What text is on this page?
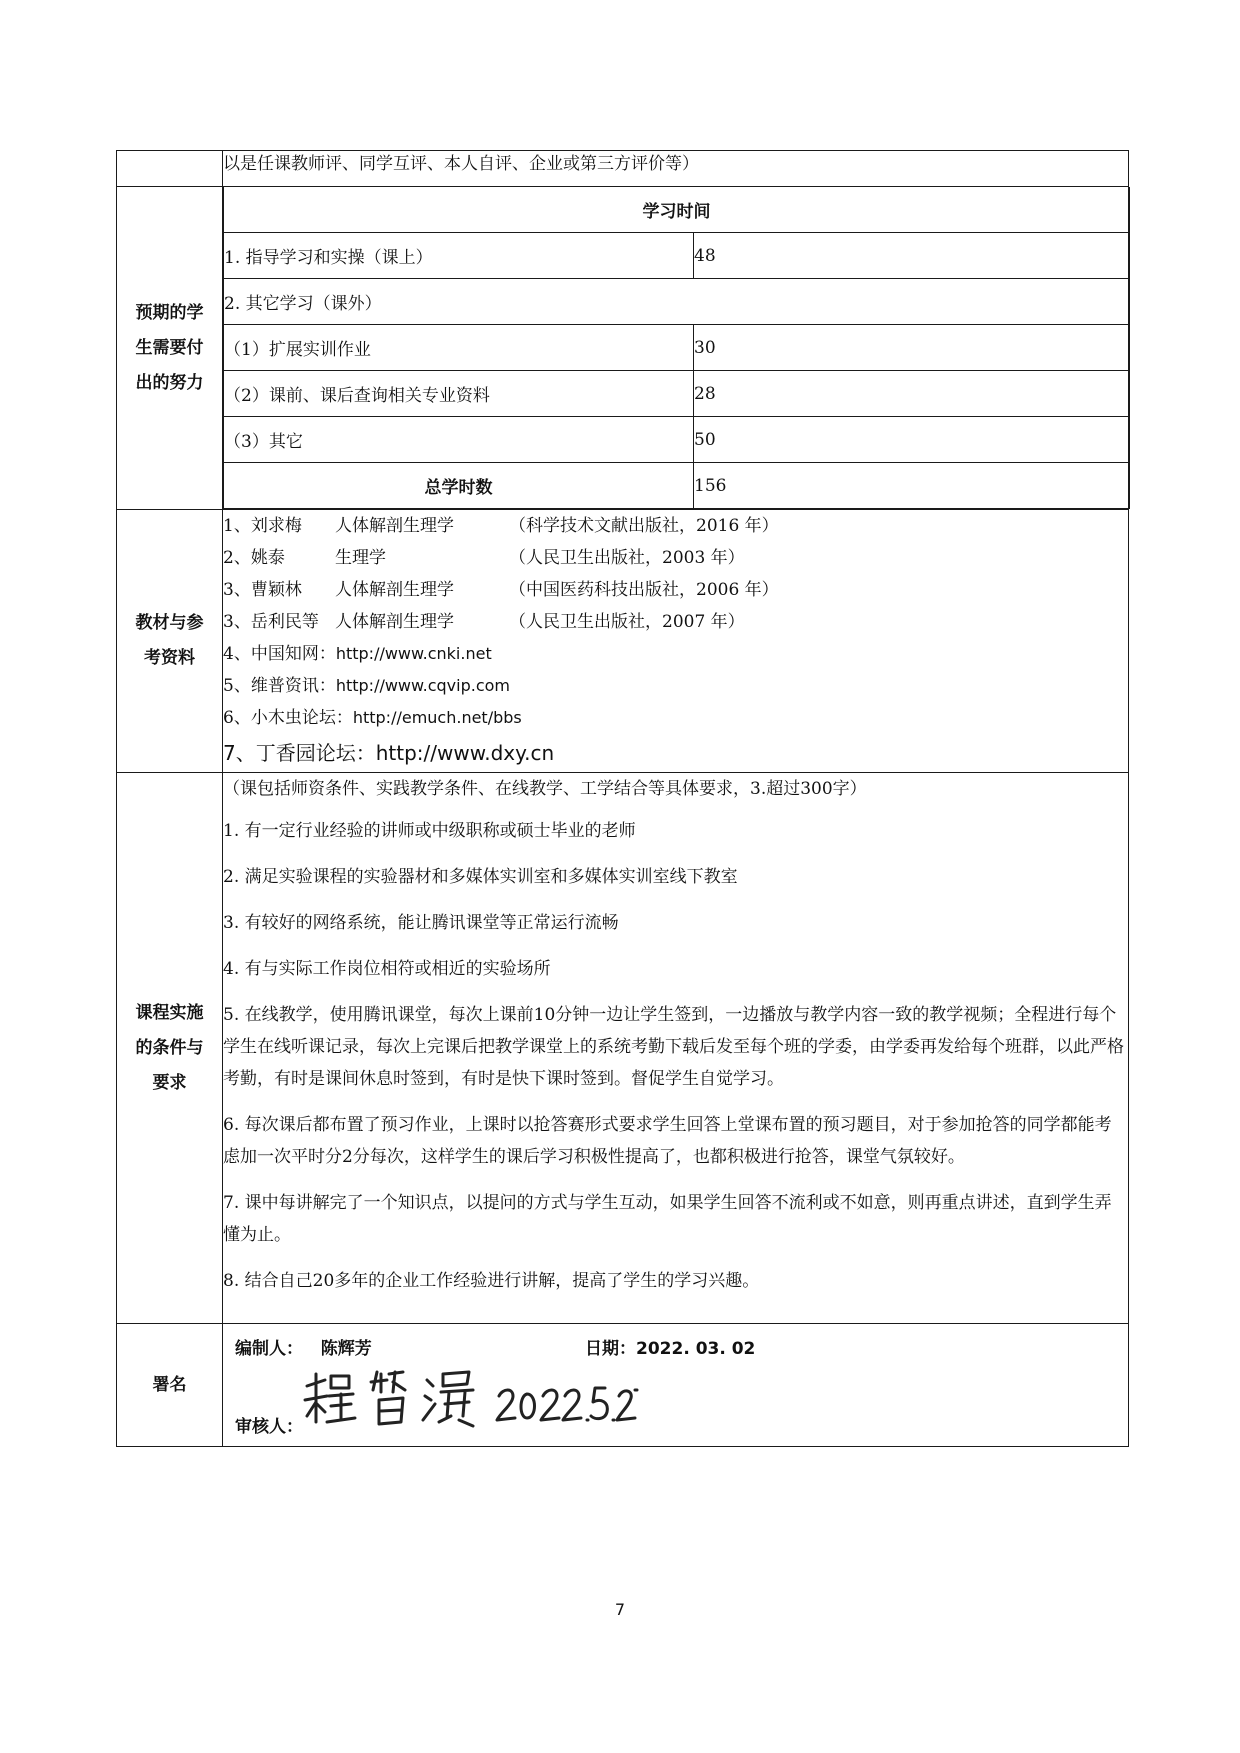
	以是任课教师评、同学互评、本人自评、企业或第三方评价等）

预期的学
生需要付
出的努力

学习时间
1. 指导学习和实操（课上）	48
2. 其它学习（课外）
（1）扩展实训作业	30
（2）课前、课后查询相关专业资料	28
（3）其它	50
总学时数	156

教材与参
考资料

1、刘求梅 人体解剖生理学	（科学技术文献出版社，2016 年）
2、姚泰	生理学	（人民卫生出版社，2003 年）
3、曹颖林 人体解剖生理学	（中国医药科技出版社，2006 年）
3、岳利民等 人体解剖生理学	（人民卫生出版社，2007 年）
4、中国知网：http://www.cnki.net
5、维普资讯：http://www.cqvip.com
6、小木虫论坛：http://emuch.net/bbs
7、丁香园论坛：http://www.dxy.cn

课程实施
的条件与
要求

（课包括师资条件、实践教学条件、在线教学、工学结合等具体要求，3.超过300字）

1. 有一定行业经验的讲师或中级职称或硕士毕业的老师

2. 满足实验课程的实验器材和多媒体实训室和多媒体实训室线下教室

3. 有较好的网络系统，能让腾讯课堂等正常运行流畅

4. 有与实际工作岗位相符或相近的实验场所

5. 在线教学，使用腾讯课堂，每次上课前10分钟一边让学生签到，一边播放与教学内容一致的教学视频；全程进行每个学生在线听课记录，每次上完课后把教学课堂上的系统考勤下载后发至每个班的学委，由学委再发给每个班群，以此严格考勤，有时是课间休息时签到，有时是快下课时签到。督促学生自觉学习。

6. 每次课后都布置了预习作业，上课时以抢答赛形式要求学生回答上堂课布置的预习题目，对于参加抢答的同学都能考虑加一次平时分2分每次，这样学生的课后学习积极性提高了，也都积极进行抢答，课堂气氛较好。

7. 课中每讲解完了一个知识点，以提问的方式与学生互动，如果学生回答不流利或不如意，则再重点讲述，直到学生弄懂为止。

8. 结合自己20多年的企业工作经验进行讲解，提高了学生的学习兴趣。

署名	
编制人： 陈辉芳	日期：2022. 03. 02
审核人：
7
